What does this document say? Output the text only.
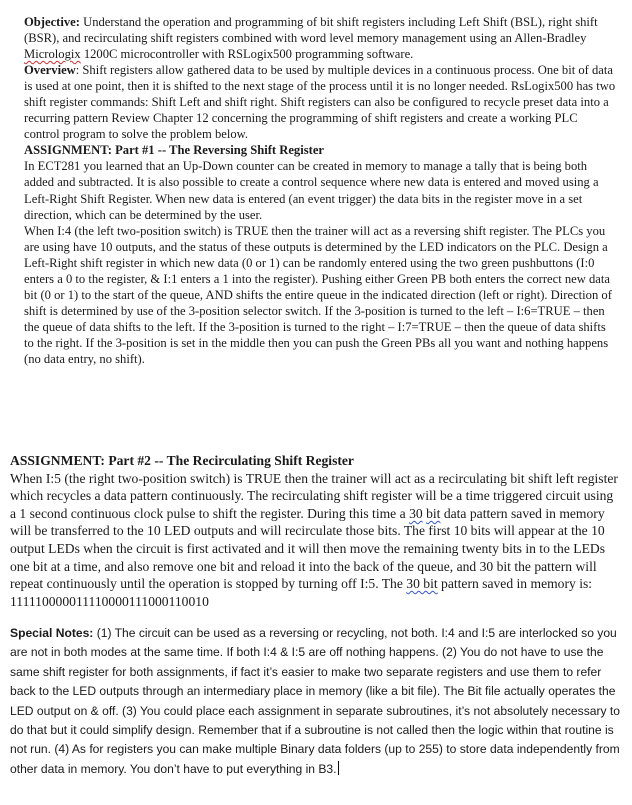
Objective: Understand the operation and programming of bit shift registers including Left Shift (BSL), right shift (BSR), and recirculating shift registers combined with word level memory management using an Allen-Bradley Micrologix 1200C microcontroller with RSLogix500 programming software.

Overview: Shift registers allow gathered data to be used by multiple devices in a continuous process. One bit of data is used at one point, then it is shifted to the next stage of the process until it is no longer needed. RsLogix500 has two shift register commands: Shift Left and shift right. Shift registers can also be configured to recycle preset data into a recurring pattern Review Chapter 12 concerning the programming of shift registers and create a working PLC control program to solve the problem below.

ASSIGNMENT: Part #1 -- The Reversing Shift Register

In ECT281 you learned that an Up-Down counter can be created in memory to manage a tally that is being both added and subtracted. It is also possible to create a control sequence where new data is entered and moved using a Left-Right Shift Register. When new data is entered (an event trigger) the data bits in the register move in a set direction, which can be determined by the user.

When I:4 (the left two-position switch) is TRUE then the trainer will act as a reversing shift register. The PLCs you are using have 10 outputs, and the status of these outputs is determined by the LED indicators on the PLC. Design a Left-Right shift register in which new data (0 or 1) can be randomly entered using the two green pushbuttons (I:0 enters a 0 to the register, & I:1 enters a 1 into the register). Pushing either Green PB both enters the correct new data bit (0 or 1) to the start of the queue, AND shifts the entire queue in the indicated direction (left or right). Direction of shift is determined by use of the 3-position selector switch. If the 3-position is turned to the left – I:6=TRUE – then the queue of data shifts to the left. If the 3-position is turned to the right – I:7=TRUE – then the queue of data shifts to the right. If the 3-position is set in the middle then you can push the Green PBs all you want and nothing happens (no data entry, no shift).

ASSIGNMENT: Part #2 -- The Recirculating Shift Register

When I:5 (the right two-position switch) is TRUE then the trainer will act as a recirculating bit shift left register which recycles a data pattern continuously. The recirculating shift register will be a time triggered circuit using a 1 second continuous clock pulse to shift the register. During this time a 30 bit data pattern saved in memory will be transferred to the 10 LED outputs and will recirculate those bits. The first 10 bits will appear at the 10 output LEDs when the circuit is first activated and it will then move the remaining twenty bits in to the LEDs one bit at a time, and also remove one bit and reload it into the back of the queue, and 30 bit the pattern will repeat continuously until the operation is stopped by turning off I:5. The 30 bit pattern saved in memory is:

111110000011110000111000110010

Special Notes: (1) The circuit can be used as a reversing or recycling, not both. I:4 and I:5 are interlocked so you are not in both modes at the same time. If both I:4 & I:5 are off nothing happens. (2) You do not have to use the same shift register for both assignments, if fact it’s easier to make two separate registers and use them to refer back to the LED outputs through an intermediary place in memory (like a bit file). The Bit file actually operates the LED output on & off. (3) You could place each assignment in separate subroutines, it’s not absolutely necessary to do that but it could simplify design. Remember that if a subroutine is not called then the logic within that routine is not run. (4) As for registers you can make multiple Binary data folders (up to 255) to store data independently from other data in memory. You don’t have to put everything in B3.
